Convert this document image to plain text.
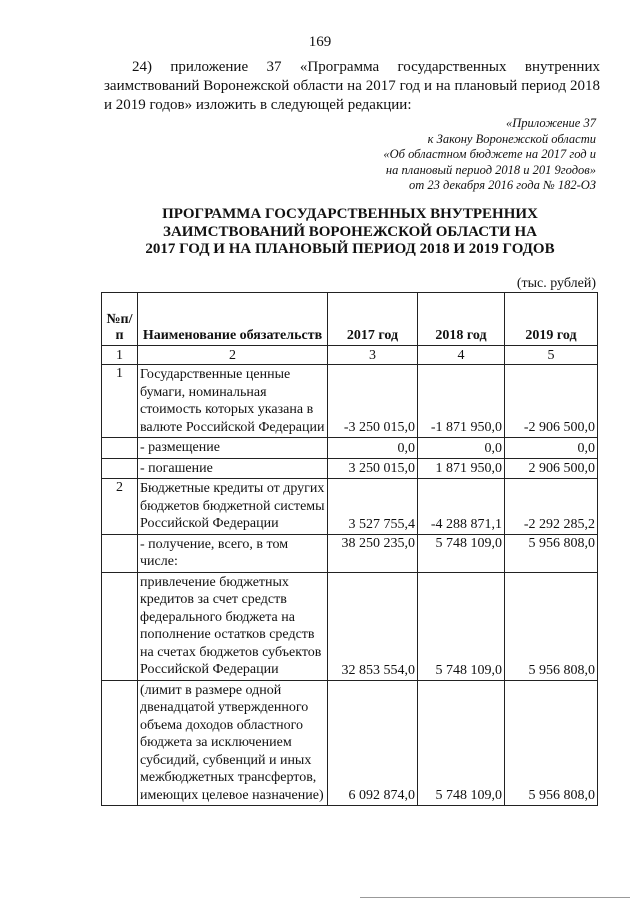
169
24) приложение 37 «Программа государственных внутренних заимствований Воронежской области на 2017 год и на плановый период 2018 и 2019 годов» изложить в следующей редакции:
«Приложение 37
к Закону Воронежской области
«Об областном бюджете на 2017 год и
на плановый период 2018 и 201 9годов»
от 23 декабря 2016 года № 182-ОЗ
ПРОГРАММА ГОСУДАРСТВЕННЫХ ВНУТРЕННИХ
ЗАИМСТВОВАНИЙ ВОРОНЕЖСКОЙ ОБЛАСТИ НА
2017 ГОД И НА ПЛАНОВЫЙ ПЕРИОД 2018 И 2019 ГОДОВ
(тыс. рублей)
№п/п	Наименование обязательств	2017 год	2018 год	2019 год
1	2	3	4	5
1	Государственные ценные бумаги, номинальная стоимость которых указана в валюте Российской Федерации	-3 250 015,0	-1 871 950,0	-2 906 500,0
	- размещение	0,0	0,0	0,0
	- погашение	3 250 015,0	1 871 950,0	2 906 500,0
2	Бюджетные кредиты от других бюджетов бюджетной системы Российской Федерации	3 527 755,4	-4 288 871,1	-2 292 285,2
	- получение, всего, в том числе:	38 250 235,0	5 748 109,0	5 956 808,0
	привлечение бюджетных кредитов за счет средств федерального бюджета на пополнение остатков средств на счетах бюджетов субъектов Российской Федерации	32 853 554,0	5 748 109,0	5 956 808,0
	(лимит в размере одной двенадцатой утвержденного объема доходов областного бюджета за исключением субсидий, субвенций и иных межбюджетных трансфертов, имеющих целевое назначение)	6 092 874,0	5 748 109,0	5 956 808,0
